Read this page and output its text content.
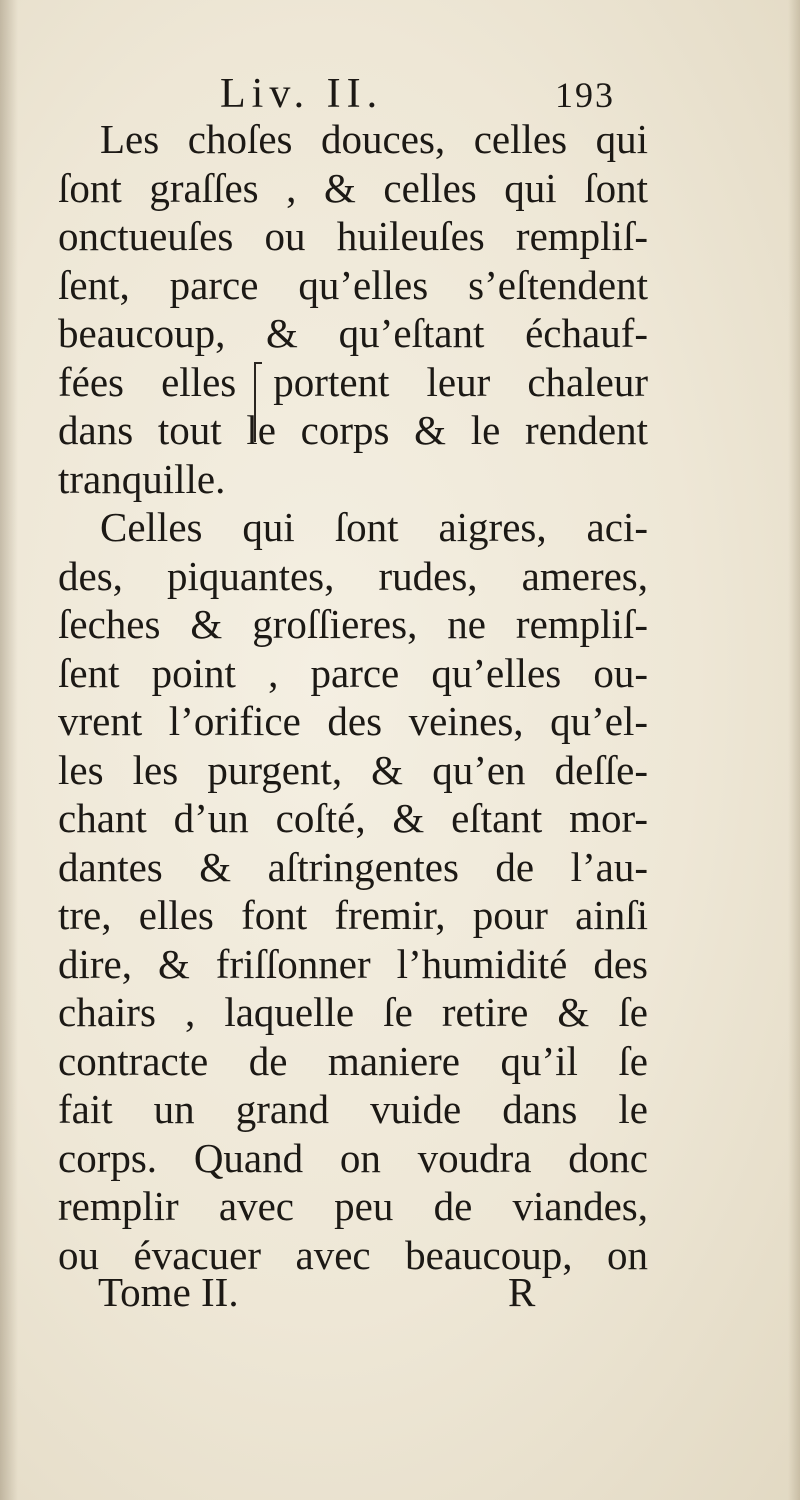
Liv. II.	193
Les choſes douces, celles qui
ſont graſſes , & celles qui ſont
onctueuſes ou huileuſes rempliſ-
ſent, parce qu’elles s’eſtendent
beaucoup, & qu’eſtant échauf-
fées elles portent leur chaleur
dans tout le corps & le rendent
tranquille.
Celles qui ſont aigres, aci-
des, piquantes, rudes, ameres,
ſeches & groſſieres, ne rempliſ-
ſent point , parce qu’elles ou-
vrent l’orifice des veines, qu’el-
les les purgent, & qu’en deſſe-
chant d’un coſté, & eſtant mor-
dantes & aſtringentes de l’au-
tre, elles font fremir, pour ainſi
dire, & friſſonner l’humidité des
chairs , laquelle ſe retire & ſe
contracte de maniere qu’il ſe
fait un grand vuide dans le
corps. Quand on voudra donc
remplir avec peu de viandes,
ou évacuer avec beaucoup, on
Tome II.	R
